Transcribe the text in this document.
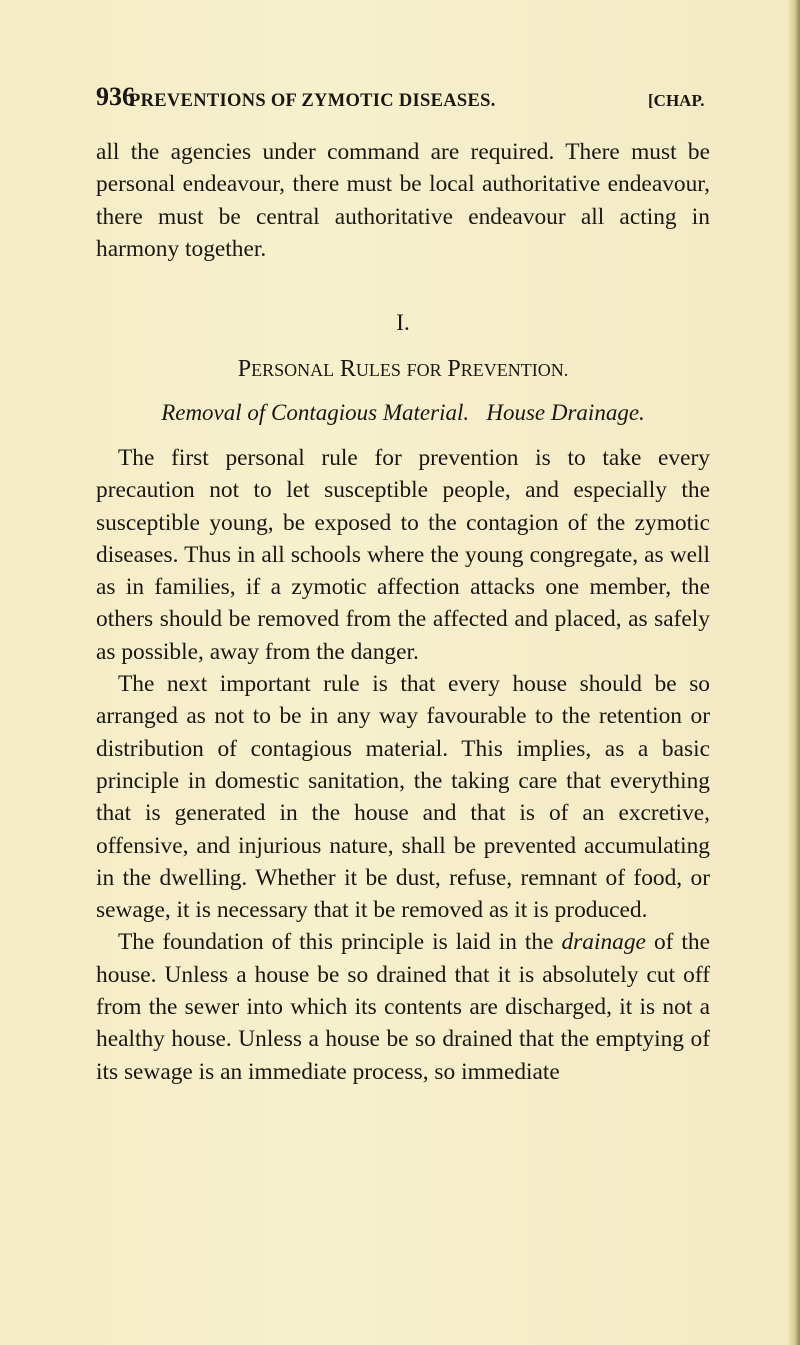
936
PREVENTIONS OF ZYMOTIC DISEASES.	[CHAP.

all the agencies under command are required. There must be personal endeavour, there must be local authoritative endeavour, there must be central authoritative endeavour all acting in harmony together.

I.
PERSONAL RULES FOR PREVENTION.
Removal of Contagious Material.   House Drainage.

The first personal rule for prevention is to take every precaution not to let susceptible people, and especially the susceptible young, be exposed to the contagion of the zymotic diseases. Thus in all schools where the young congregate, as well as in families, if a zymotic affection attacks one member, the others should be removed from the affected and placed, as safely as possible, away from the danger.

The next important rule is that every house should be so arranged as not to be in any way favourable to the retention or distribution of contagious material. This implies, as a basic principle in domestic sanitation, the taking care that everything that is generated in the house and that is of an excretive, offensive, and injurious nature, shall be prevented accumulating in the dwelling. Whether it be dust, refuse, remnant of food, or sewage, it is necessary that it be removed as it is produced.

The foundation of this principle is laid in the drainage of the house. Unless a house be so drained that it is absolutely cut off from the sewer into which its contents are discharged, it is not a healthy house. Unless a house be so drained that the emptying of its sewage is an immediate process, so immediate
